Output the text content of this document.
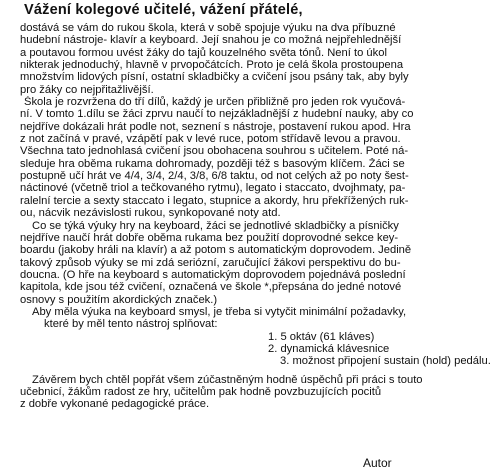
Vážení kolegové učitelé, vážení přátelé,
dostává se vám do rukou škola, která v sobě spojuje výuku na dva příbuzné
hudební nástroje- klavír a keyboard. Její snahou je co možná nejpřehlednější
a poutavou formou uvést žáky do tajů kouzelného světa tónů. Není to úkol
nikterak jednoduchý, hlavně v prvopočátcích. Proto je celá škola prostoupena
množstvím lidových písní, ostatní skladbičky a cvičení jsou psány tak, aby byly
pro žáky co nejpřitažlivější.
Škola je rozvržena do tří dílů, každý je určen přibližně pro jeden rok vyučová-
ní. V tomto 1.dílu se žáci zprvu naučí to nejzákladnější z hudební nauky, aby co
nejdříve dokázali hrát podle not, seznení s nástroje, postavení rukou apod. Hra
z not začíná v pravé, vzápětí pak v levé ruce, potom střídavě levou a pravou.
Všechna tato jednohlasá cvičení jsou obohacena souhrou s učitelem. Poté ná-
sleduje hra oběma rukama dohromady, později též s basovým klíčem. Žáci se
postupně učí hrát ve 4/4, 3/4, 2/4, 3/8, 6/8 taktu, od not celých až po noty šest-
náctinové (včetně triol a tečkovaného rytmu), legato i staccato, dvojhmaty, pa-
ralelní tercie a sexty staccato i legato, stupnice a akordy, hru překřížených ruk-
ou, nácvik nezávislosti rukou, synkopované noty atd.
Co se týká výuky hry na keyboard, žáci se jednotlivé skladbičky a písničky
nejdříve naučí hrát dobře oběma rukama bez použití doprovodné sekce key-
boardu (jakoby hráli na klavír) a až potom s automatickým doprovodem. Jedině
takový způsob výuky se mi zdá seriózní, zaručující žákovi perspektivu do bu-
doucna. (O hře na keyboard s automatickým doprovodem pojednává poslední
kapitola, kde jsou též cvičení, označená ve škole *,přepsána do jedné notové
osnovy s použitím akordických značek.)
Aby měla výuka na keyboard smysl, je třeba si vytyčit minimální požadavky,
které by měl tento nástroj splňovat:
1. 5 oktáv (61 kláves)
2. dynamická klávesnice
3. možnost připojení sustain (hold) pedálu.
Závěrem bych chtěl popřát všem zúčastněným hodně úspěchů při práci s touto
učebnicí, žákům radost ze hry, učitelům pak hodně povzbuzujících pocitů
z dobře vykonané pedagogické práce.
Autor
